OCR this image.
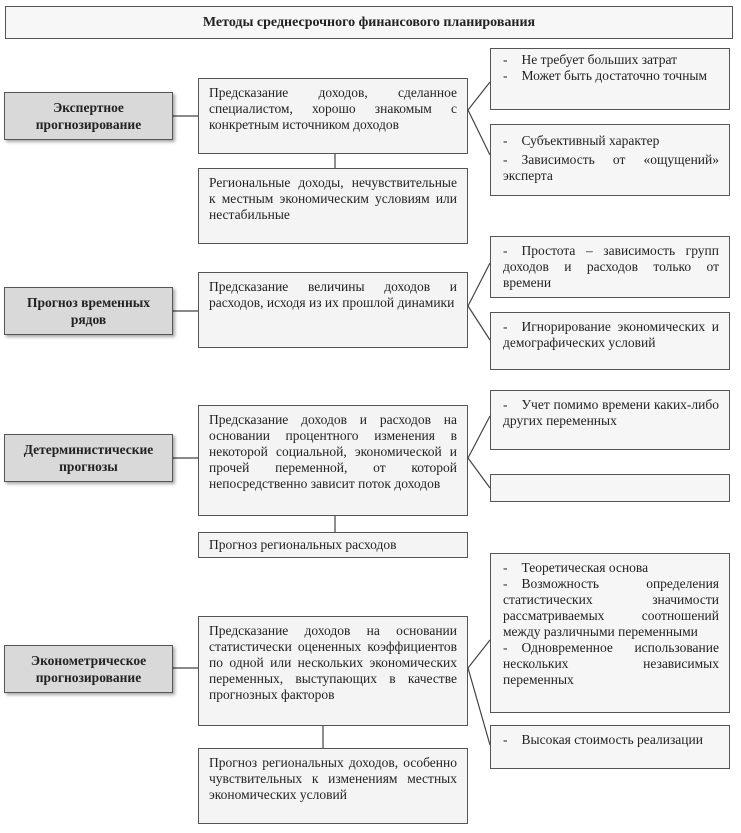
Методы среднесрочного финансового планирования
Экспертное
прогнозирование
Предсказание доходов, сделанное специалистом, хорошо знакомым с конкретным источником доходов
Региональные доходы, нечувствительные к местным экономическим условиям или нестабильные
- Не требует больших затрат
- Может быть достаточно точным
- Субъективный характер
- Зависимость от «ощущений» эксперта
Прогноз временных
рядов
Предсказание величины доходов и расходов, исходя из их прошлой динамики
- Простота – зависимость групп доходов и расходов только от времени
- Игнорирование экономических и демографических условий
Детерминистические
прогнозы
Предсказание доходов и расходов на основании процентного изменения в некоторой социальной, экономической и прочей переменной, от которой непосредственно зависит поток доходов
Прогноз региональных расходов
- Учет помимо времени каких-либо других переменных
Эконометрическое
прогнозирование
Предсказание доходов на основании статистически оцененных коэффициентов по одной или нескольких экономических переменных, выступающих в качестве прогнозных факторов
Прогноз региональных доходов, особенно чувствительных к изменениям местных экономических условий
- Теоретическая основа
- Возможность определения статистических значимости рассматриваемых соотношений между различными переменными
- Одновременное использование нескольких независимых переменных
- Высокая стоимость реализации
